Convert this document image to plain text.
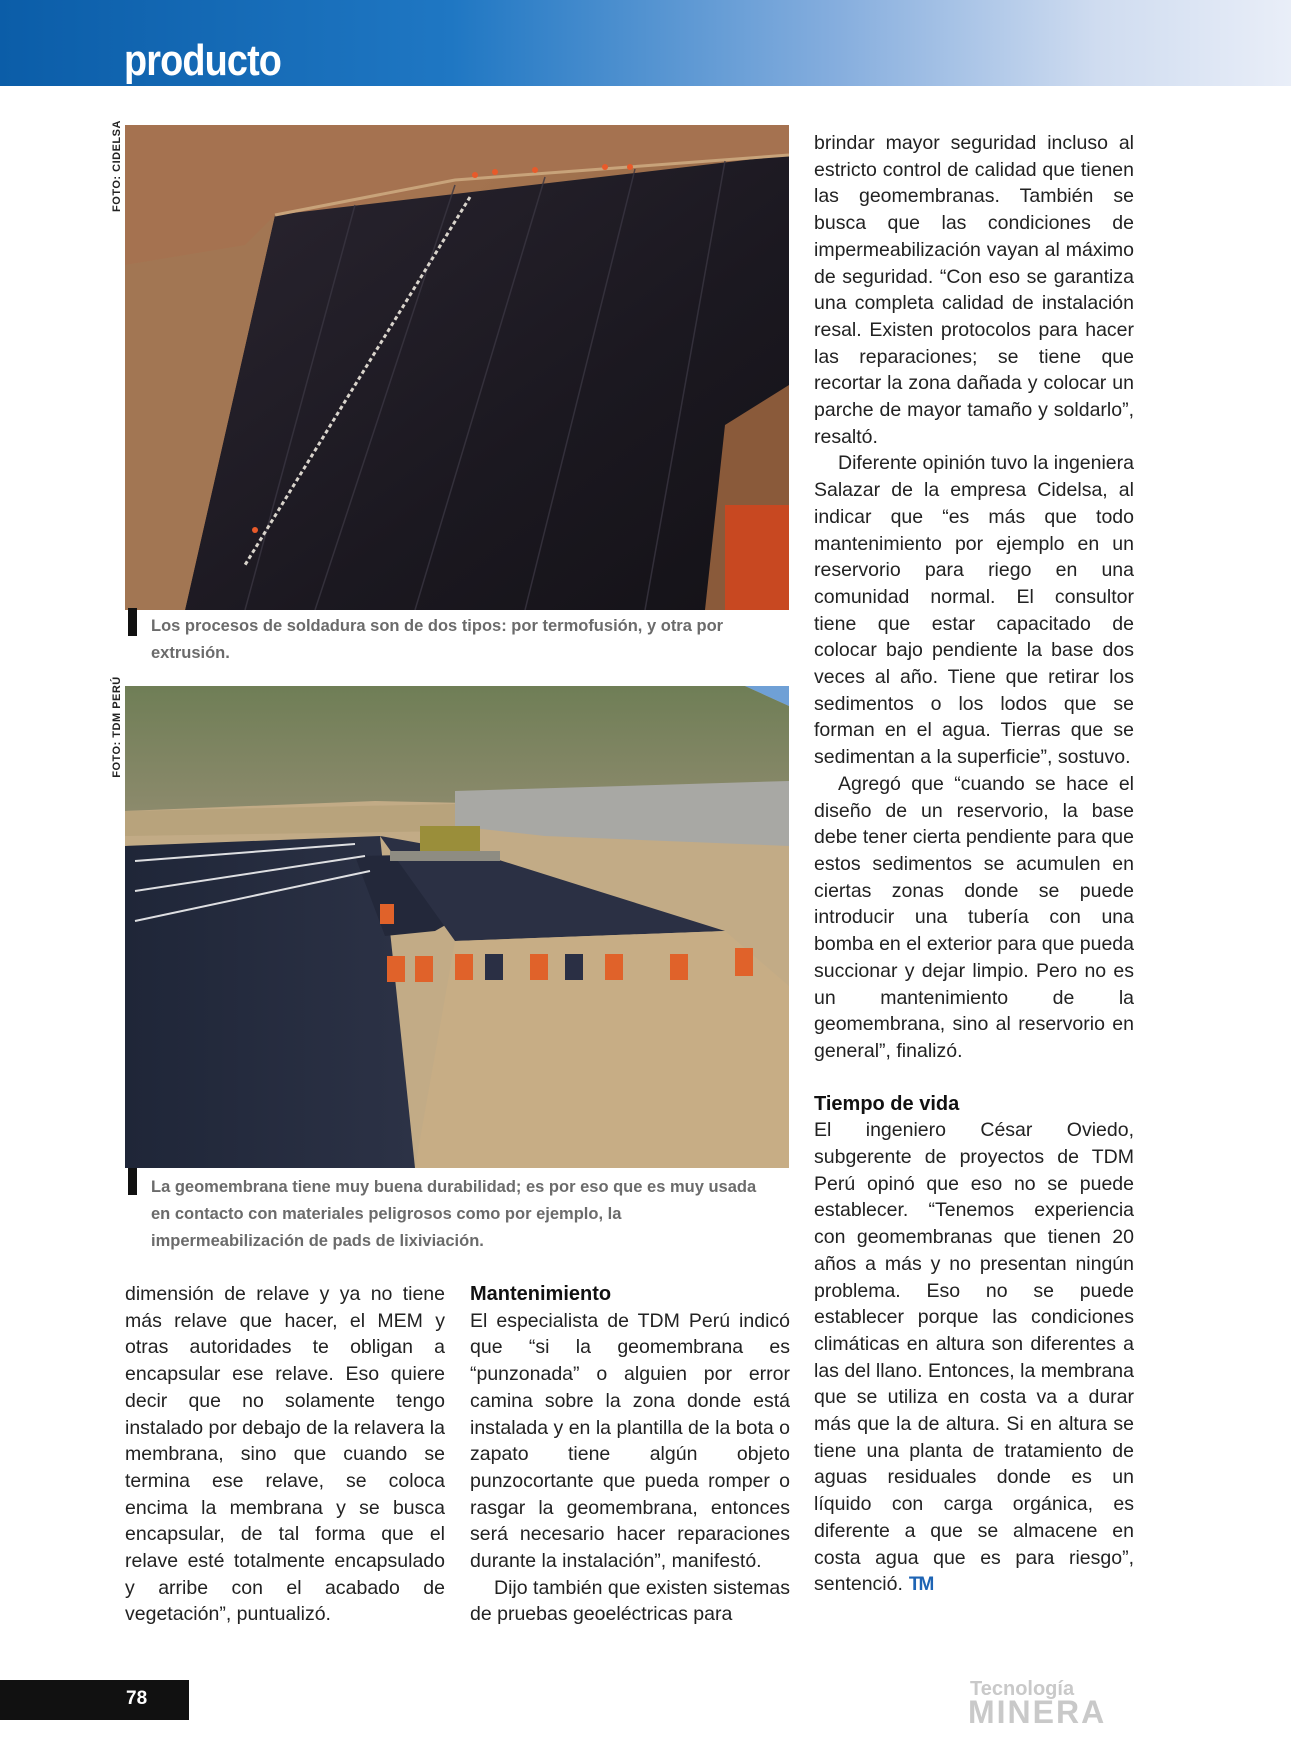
producto
FOTO: CIDELSA
Los procesos de soldadura son de dos tipos: por termofusión, y otra por extrusión.
FOTO: TDM PERÚ
La geomembrana tiene muy buena durabilidad; es por eso que es muy usada en contacto con materiales peligrosos como por ejemplo, la impermeabilización de pads de lixiviación.

dimensión de relave y ya no tiene más relave que hacer, el MEM y otras autoridades te obligan a encapsular ese relave. Eso quiere decir que no solamente tengo instalado por debajo de la relavera la membrana, sino que cuando se termina ese relave, se coloca encima la membrana y se busca encapsular, de tal forma que el relave esté totalmente encapsulado y arribe con el acabado de vegetación”, puntualizó.

Mantenimiento

El especialista de TDM Perú indicó que “si la geomembrana es “punzonada” o alguien por error camina sobre la zona donde está instalada y en la plantilla de la bota o zapato tiene algún objeto punzocortante que pueda romper o rasgar la geomembrana, entonces será necesario hacer reparaciones durante la instalación”, manifestó.

Dijo también que existen sistemas de pruebas geoeléctricas para

brindar mayor seguridad incluso al estricto control de calidad que tienen las geomembranas. También se busca que las condiciones de impermeabilización vayan al máximo de seguridad. “Con eso se garantiza una completa calidad de instalación resal. Existen protocolos para hacer las reparaciones; se tiene que recortar la zona dañada y colocar un parche de mayor tamaño y soldarlo”, resaltó.

Diferente opinión tuvo la ingeniera Salazar de la empresa Cidelsa, al indicar que “es más que todo mantenimiento por ejemplo en un reservorio para riego en una comunidad normal. El consultor tiene que estar capacitado de colocar bajo pendiente la base dos veces al año. Tiene que retirar los sedimentos o los lodos que se forman en el agua. Tierras que se sedimentan a la superficie”, sostuvo.

Agregó que “cuando se hace el diseño de un reservorio, la base debe tener cierta pendiente para que estos sedimentos se acumulen en ciertas zonas donde se puede introducir una tubería con una bomba en el exterior para que pueda succionar y dejar limpio. Pero no es un mantenimiento de la geomembrana, sino al reservorio en general”, finalizó.

Tiempo de vida

El ingeniero César Oviedo, subgerente de proyectos de TDM Perú opinó que eso no se puede establecer. “Tenemos experiencia con geomembranas que tienen 20 años a más y no presentan ningún problema. Eso no se puede establecer porque las condiciones climáticas en altura son diferentes a las del llano. Entonces, la membrana que se utiliza en costa va a durar más que la de altura. Si en altura se tiene una planta de tratamiento de aguas residuales donde es un líquido con carga orgánica, es diferente a que se almacene en costa agua que es para riesgo”, sentenció. TM

78	Tecnología
MINERA
